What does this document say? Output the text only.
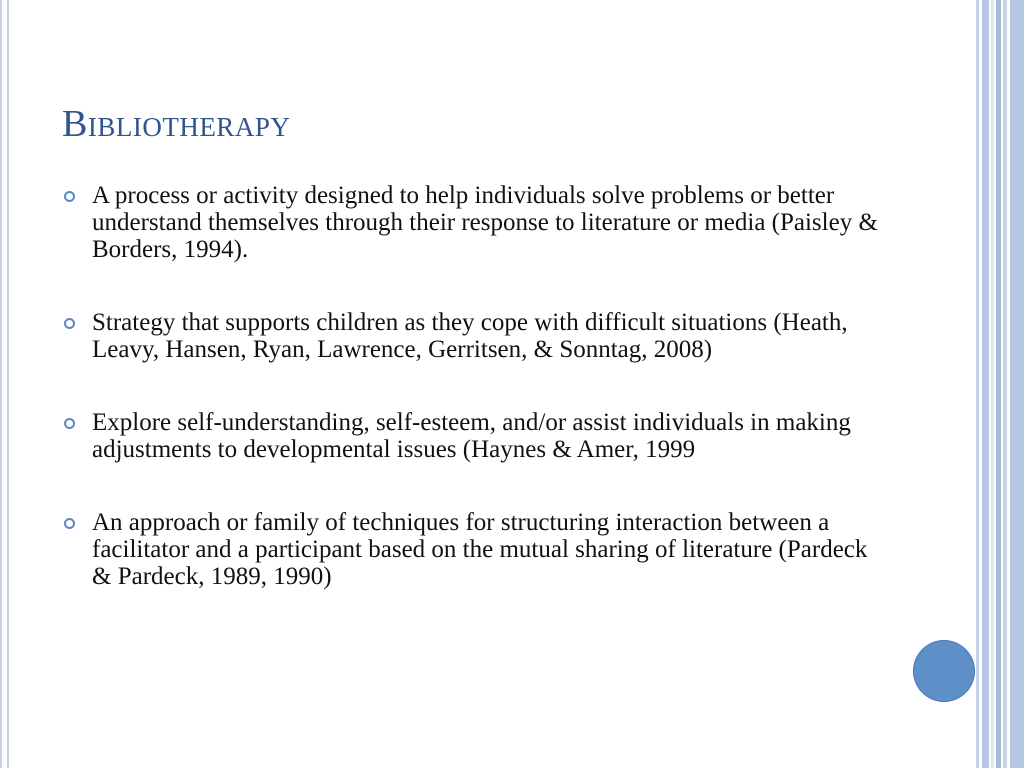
Bibliotherapy
A process or activity designed to help individuals solve problems or better understand themselves through their response to literature or media (Paisley & Borders, 1994).
Strategy that supports children as they cope with difficult situations (Heath, Leavy, Hansen, Ryan, Lawrence, Gerritsen, & Sonntag, 2008)
Explore self-understanding, self-esteem, and/or assist individuals in making adjustments to developmental issues (Haynes & Amer, 1999
An approach or family of techniques for structuring interaction between a facilitator and a participant based on the mutual sharing of literature (Pardeck & Pardeck, 1989, 1990)
